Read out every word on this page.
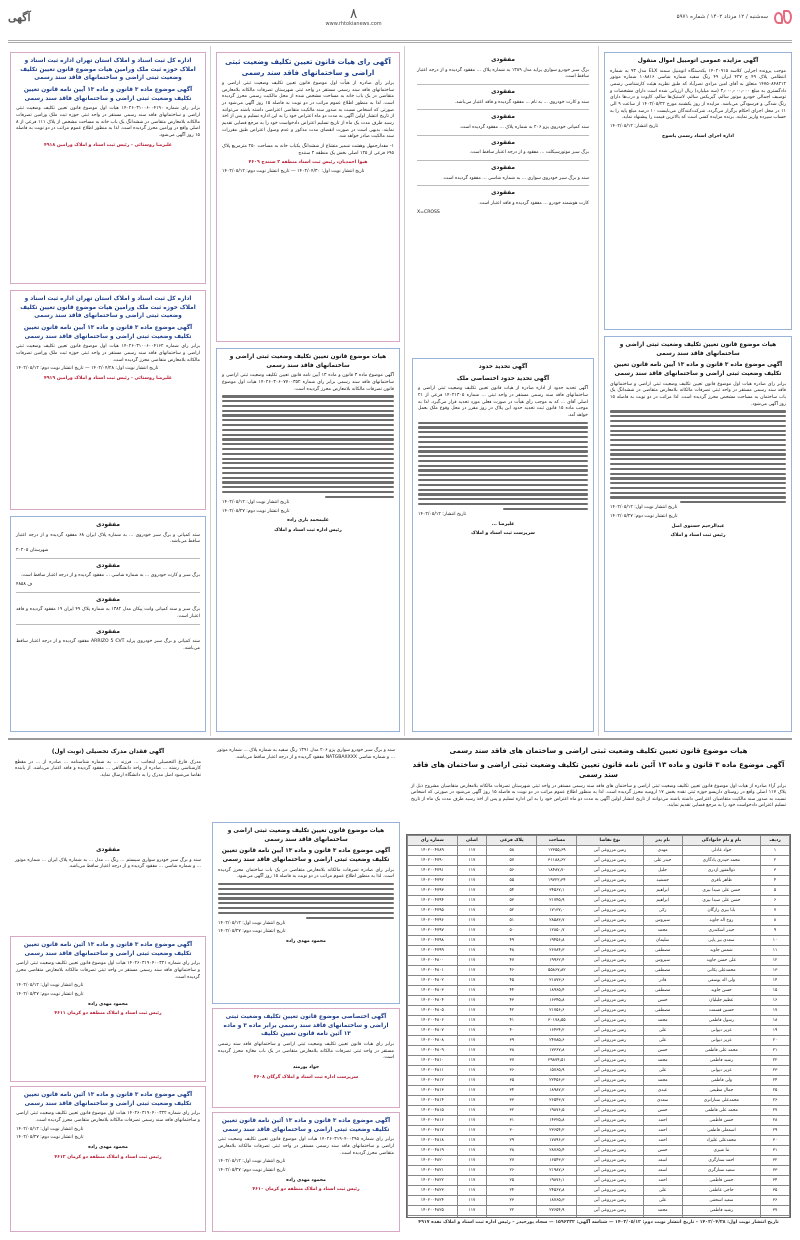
سه‌شنبه / ۱۲ مرداد ۱۴۰۲ / شماره ۵۹۷۱
٨
www.rhtokianews.com
آگهی
آگهی مزایده عمومی اتومبیل اموال منقول
موجب پرونده اجرایی کلاسه ۱۴۰۲۰۹۱۵ یکدستگاه اتومبیل سمند ELX مدل ۹۳ به شماره انتظامی پلاک ۴۹ ج ۴۲۷ ایران ۴۹ رنگ سفید شماره شاسی ۱۰۸۸۱۶ شماره موتور ۱۴۷۵۰۸۴۸۲۱۲ متعلق به آقای امین مرادی نصرآباد که طبق نظریه هیئت کارشناسی رسمی دادگستری به مبلغ ۳٫۰۰۰٫۰۰۰٫۰۰۰ (سه میلیارد) ریال ارزیابی شده است دارای مشخصات و توصیف اجمالی خودرو موتور سالم، گیربکس سالم، لاستیک‌ها سالم، کاپوت و درب‌ها دارای رنگ شدگی و فرسودگی می‌باشد. مزایده از روز یکشنبه مورخ ۱۴۰۲/۰۵/۲۲ از ساعت ۹ الی ۱۱ در محل اجرای احکام برگزار می‌گردد. شرکت‌کنندگان می‌بایست ۱۰ درصد مبلغ پایه را به حساب سپرده واریز نمایند. برنده مزایده کسی است که بالاترین قیمت را پیشنهاد نماید.
تاریخ انتشار: ۱۴۰۲/۰۵/۱۲
اداره اجرای اسناد رسمی یاسوج
هیات موضوع قانون تعیین تکلیف وضعیت ثبتی اراضی و ساختمانهای فاقد سند رسمی
آگهی موضوع ماده ۳ قانون و ماده ۱۳ آیین نامه قانون تعیین تکلیف وضعیت ثبتی اراضی و ساختمانهای فاقد سند رسمی
برابر رای صادره هیات اول موضوع قانون تعیین تکلیف وضعیت ثبتی اراضی و ساختمانهای فاقد سند رسمی مستقر در واحد ثبتی تصرفات مالکانه بلامعارض متقاضی در ششدانگ یک باب ساختمان به مساحت مشخص محرز گردیده است. لذا مراتب در دو نوبت به فاصله ۱۵ روز آگهی می‌شود.
تاریخ انتشار نوبت اول: ۱۴۰۲/۰۵/۱۲
تاریخ انتشار نوبت دوم: ۱۴۰۲/۰۵/۲۷
عبدالرحیم حسنوی اصل
رئیس ثبت اسناد و املاک
مفقودی
برگ سبز خودرو سواری پراید مدل ۱۳۸۹ به شماره پلاک ... مفقود گردیده و از درجه اعتبار ساقط است.
مفقودی
سند و کارت خودروی ... به نام ... مفقود گردیده و فاقد اعتبار می‌باشد.
مفقودی
سند کمپانی خودروی پژو ۲۰۶ به شماره پلاک ... مفقود گردیده است.
مفقودی
برگ سبز موتورسیکلت ... مفقود و از درجه اعتبار ساقط است.
مفقودی
سند و برگ سبز خودروی سواری ... به شماره شاسی ... مفقود گردیده است.
مفقودی
کارت هوشمند خودرو ... مفقود گردیده و فاقد اعتبار است.
X=CROSS
آگهی تحدید حدود
آگهی تحدید حدود اختصاصی ملک
آگهی تحدید حدود از اداره صادره از هیات قانون تعیین تکلیف وضعیت ثبتی اراضی و ساختمانهای فاقد سند رسمی مستقر در واحد ثبتی ... شماره ۱۴۰۲۱۳۰۵ فرعی از ۲۱ اصلی آقای ... که به موجب رأی هیأت در صورت فعلی مورد تحدید قرار می‌گیرد. لذا به موجب ماده ۱۵ قانون ثبت تحدید حدود این پلاک در روز مقرر در محل وقوع ملک بعمل خواهد آمد.
تاریخ انتشار: ۱۴۰۲/۰۵/۱۲
علیرضا ...
سرپرست ثبت اسناد و املاک
آگهی رای هیات قانون تعیین تکلیف وضعیت ثبتی اراضی و ساختمانهای فاقد سند رسمی
برابر رأی صادره از هیأت اول موضوع قانون تعیین تکلیف وضعیت ثبتی اراضی و ساختمانهای فاقد سند رسمی مستقر در واحد ثبتی شهرستان تصرفات مالکانه بلامعارض متقاضی در یک باب خانه به مساحت مشخص شده از محل مالکیت رسمی محرز گردیده است. لذا به منظور اطلاع عموم مراتب در دو نوبت به فاصله ۱۵ روز آگهی می‌شود در صورتی که اشخاص نسبت به صدور سند مالکیت متقاضی اعتراضی داشته باشند می‌توانند از تاریخ انتشار اولین آگهی به مدت دو ماه اعتراض خود را به این اداره تسلیم و پس از اخذ رسید ظرف مدت یک ماه از تاریخ تسلیم اعتراض دادخواست خود را به مرجع قضایی تقدیم نمایند. بدیهی است در صورت انقضای مدت مذکور و عدم وصول اعتراض طبق مقررات سند مالکیت صادر خواهد شد.
۱- مفدارجمهل وهشت شمیر متشاع از ششدانگ یکباب خانه به مساحت ۲۵۰ مترمربع پلاک ۶۹۵ فرعی از ۱۲۵ اصلی بخش یک منطقه ۲ سنندج
هیوا احمدیان، رئیس ثبت اسناد منطقه ۲ سنندج ۴۶۰۹
تاریخ انتشار نوبت اول: ۱۴۰۲/۰۴/۳۰ — تاریخ انتشار نوبت دوم: ۱۴۰۲/۰۵/۱۲
هیات موضوع قانون تعیین تکلیف وضعیت ثبتی اراضی و ساختمانهای فاقد سند رسمی
آگهی موضوع ماده ۳ قانون و ماده ۱۳ آیین نامه قانون تعیین تکلیف وضعیت ثبتی اراضی و ساختمانهای فاقد سند رسمی برابر رای شماره ۱۴۰۲۶۰۳۰۶۰۷۷۰۰۳۵۲ هیات اول موضوع قانون تصرفات مالکانه بلامعارض محرز گردیده است.
تاریخ انتشار نوبت اول: ۱۴۰۲/۰۵/۱۲
تاریخ انتشار نوبت دوم: ۱۴۰۲/۰۵/۲۷
علیمحمد باری زاده
رئیس اداره ثبت اسناد و املاک
اداره کل ثبت اسناد و املاک استان تهران اداره ثبت اسناد و املاک حوزه ثبت ملک ورامین هیات موضوع قانون تعیین تکلیف وضعیت ثبتی اراضی و ساختمانهای فاقد سند رسمی
آگهی موضوع ماده ۳ قانون و ماده ۱۳ آیین نامه قانون تعیین تکلیف وضعیت ثبتی اراضی و ساختمانهای فاقد سند رسمی
برابر رای شماره ۱۴۰۲۶۰۳۱۰۰۶۰۰۴۱۹۰ هیات اول موضوع قانون تعیین تکلیف وضعیت ثبتی اراضی و ساختمانهای فاقد سند رسمی مستقر در واحد ثبتی حوزه ثبت ملک ورامین تصرفات مالکانه بلامعارض متقاضی در ششدانگ یک باب خانه به مساحت مشخص از پلاک ۱۱۱ فرعی از ۸ اصلی واقع در ورامین محرز گردیده است. لذا به منظور اطلاع عموم مراتب در دو نوبت به فاصله ۱۵ روز آگهی می‌شود.
علیرضا روستائی - رئیس ثبت اسناد و املاک ورامین ۴۹۱۸
اداره کل ثبت اسناد و املاک استان تهران اداره ثبت اسناد و املاک حوزه ثبت ملک ورامین هیات موضوع قانون تعیین تکلیف وضعیت ثبتی اراضی و ساختمانهای فاقد سند رسمی
آگهی موضوع ماده ۳ قانون و ماده ۱۳ آیین نامه قانون تعیین تکلیف وضعیت ثبتی اراضی و ساختمانهای فاقد سند رسمی
برابر رای شماره ۱۴۰۲۶۰۳۱۰۰۶۰۰۴۱۶۲ هیات اول موضوع قانون تعیین تکلیف وضعیت ثبتی اراضی و ساختمانهای فاقد سند رسمی مستقر در واحد ثبتی حوزه ثبت ملک ورامین تصرفات مالکانه بلامعارض متقاضی محرز گردیده است.
تاریخ انتشار نوبت اول: ۱۴۰۲/۰۴/۲۸ — تاریخ انتشار نوبت دوم: ۱۴۰۲/۰۵/۱۲
علیرضا روستائی - رئیس ثبت اسناد و املاک ورامین ۴۹۱۹
مفقودی
سند کمپانی و برگ سبز خودروی ... به شماره پلاک ایران ۶۸ مفقود گردیده و از درجه اعتبار ساقط می‌باشد.
شهرستان ۲۰۲۰۵
مفقودی
برگ سبز و کارت خودروی ... به شماره شاسی ... مفقود گردیده و از درجه اعتبار ساقط است.
ف ۴۸۵۸
مفقودی
برگ سبز و سند کمپانی وانت پیکان مدل ۱۳۸۲ به شماره پلاک ۴۹ ایران ۱۹ مفقود گردیده و فاقد اعتبار است.
مفقودی
سند کمپانی و برگ سبز خودروی پراید ARRIZO 5 CVT مفقود گردیده و از درجه اعتبار ساقط می‌باشد.
هیات موضوع قانون تعیین تکلیف وضعیت ثبتی اراضی و ساختمان های فاقد سند رسمی
آگهی موضوع ماده ۳ قانون و ماده ۱۳ آئین نامه قانون تعیین تکلیف وضعیت ثبتی اراضی و ساختمان های فاقد سند رسمی
برابر آراء صادره از هیات اول موضوع قانون تعیین تکلیف وضعیت ثبتی اراضی و ساختمان های فاقد سند رسمی مستقر در واحد ثبتی شهرستان تصرفات مالکانه بلامعارض متقاضیان مشروح ذیل از پلاک ۱۱۷ اصلی واقع در روستای داریسو حوزه ثبتی نقده بخش ۱۷ ارومیه محرز گردیده است. لذا به منظور اطلاع عموم مراتب در دو نوبت به فاصله ۱۵ روز آگهی می‌شود در صورتی که اشخاص نسبت به صدور سند مالکیت متقاضیان اعتراضی داشته باشند می‌توانند از تاریخ انتشار اولین آگهی به مدت دو ماه اعتراض خود را به این اداره تسلیم و پس از اخذ رسید ظرف مدت یک ماه از تاریخ تسلیم اعتراض دادخواست خود را به مرجع قضایی تقدیم نمایند.
ردیف	نام و نام خانوادگی	نام پدر	نوع تقاضا	مساحت	پلاک فرعی	اصلی	شماره رای
۱	جواد عادلی	مهدی	زمین مزروعی آبی	۱۲۳۵۵٫۶۹	۵۸	۱۱۷	۱۴۰۲۰۰۴۷۸۹
۲	محمد حیدری یادگاری	حیدر علی	زمین مزروعی آبی	۳۱۱۸۸٫۶۲	۵۷	۱۱۷	۱۴۰۲۰۰۴۷۹۰
۳	ذوالفقور اژدری	جلیل	زمین مزروعی آبی	۱۸۴۸۷٫۷۰	۵۶	۱۱۷	۱۴۰۲۰۰۴۷۹۱
۴	ظاهر باقری	جمشید	زمین مزروعی آبی	۱۹۷۲۲٫۳۴	۵۵	۱۱۷	۱۴۰۲۰۰۴۷۹۲
۵	حسن علی صیدا بیری	ابراهیم	زمین مزروعی آبی	۳۴۵۶۷٫۱	۵۴	۱۱۷	۱۴۰۲۰۰۴۷۹۳
۶	حسن علی صیدا بیری	ابراهیم	زمین مزروعی آبی	۲۱۷۴۵٫۹	۵۳	۱۱۷	۱۴۰۲۰۰۴۷۹۴
۷	بابا بیری زارگان	زکی	زمین مزروعی آبی	۱۷۱۳۷٫۰	۵۲	۱۱۷	۱۴۰۲۰۰۴۷۹۵
۸	روح اله جاوید	سیروس	زمین مزروعی آبی	۲۸۵۸۳٫۷	۵۱	۱۱۷	۱۴۰۲۰۰۴۷۹۶
۹	حیدر اسکندری	محمد	زمین مزروعی آبی	۱۲۸۵۰٫۷	۵۰	۱۱۷	۱۴۰۲۰۰۴۷۹۷
۱۰	سعدی بیر پاپی	سلیمان	زمین مزروعی آبی	۱۹۴۵۶٫۸	۴۹	۱۱۷	۱۴۰۲۰۰۴۷۹۸
۱۱	شمس جاوید	مصطفی	زمین مزروعی آبی	۲۶۷۸۴٫۳	۴۸	۱۱۷	۱۴۰۲۰۰۴۷۹۹
۱۲	علی حسن جاوید	سیروس	زمین مزروعی آبی	۱۹۹۶۲٫۴	۴۷	۱۱۷	۱۴۰۲۰۰۴۸۰۰
۱۳	محمدعلی یکانی	مصطفی	زمین مزروعی آبی	۵۵۸۶۷٫۸۲	۴۶	۱۱۷	۱۴۰۲۰۰۴۸۰۱
۱۴	ولی اله یوسفی	قادر	زمین مزروعی آبی	۲۱۸۷۳٫۶	۴۵	۱۱۷	۱۴۰۲۰۰۴۸۰۲
۱۵	حسن جاوید	مصطفی	زمین مزروعی آبی	۱۸۹۶۵٫۴	۴۴	۱۱۷	۱۴۰۲۰۰۴۸۰۳
۱۶	عظیم جلیلیان	حسن	زمین مزروعی آبی	۱۶۳۴۵٫۸	۴۳	۱۱۷	۱۴۰۲۰۰۴۸۰۴
۱۷	حسین قسمت	مصطفی	زمین مزروعی آبی	۲۱۷۵۶٫۶	۴۲	۱۱۷	۱۴۰۲۰۰۴۸۰۵
۱۸	رسول فاطمی	محمد	زمین مزروعی آبی	۳۰۱۷۸٫۵۵	۴۱	۱۱۷	۱۴۰۲۰۰۴۸۰۶
۱۹	عزیز دیوانی	علی	زمین مزروعی آبی	۱۶۴۳۴٫۲	۴۰	۱۱۷	۱۴۰۲۰۰۴۸۰۷
۲۰	عزیز دیوانی	علی	زمین مزروعی آبی	۲۴۷۸۵٫۶	۳۹	۱۱۷	۱۴۰۲۰۰۴۸۰۸
۲۱	محمد علی فاطمی	حسن	زمین مزروعی آبی	۱۷۳۶۷٫۸	۳۸	۱۱۷	۱۴۰۲۰۰۴۸۰۹
۲۲	رشید فاطمی	محمد	زمین مزروعی آبی	۲۹۸۷۴٫۵۱	۳۷	۱۱۷	۱۴۰۲۰۰۴۸۱۰
۲۳	عزیز دیوانی	علی	زمین مزروعی آبی	۱۵۷۶۵٫۹	۳۶	۱۱۷	۱۴۰۲۰۰۴۸۱۱
۲۴	ولی فاطمی	محمد	زمین مزروعی آبی	۲۲۴۵۶٫۳	۳۵	۱۱۷	۱۴۰۲۰۰۴۸۱۲
۲۵	جمال مطیعی	عبدی	زمین مزروعی آبی	۱۸۹۸۷٫۲	۳۴	۱۱۷	۱۴۰۲۰۰۴۸۱۳
۲۶	محمدعلی ستاراتری	سعدی	زمین مزروعی آبی	۲۶۵۴۳٫۷	۳۳	۱۱۷	۱۴۰۲۰۰۴۸۱۴
۲۷	محمد علی فاطمی	حسن	زمین مزروعی آبی	۱۹۸۷۶٫۵	۳۲	۱۱۷	۱۴۰۲۰۰۴۸۱۵
۲۸	حسن فاطمی	احمد	زمین مزروعی آبی	۱۴۳۲۵٫۸	۳۱	۱۱۷	۱۴۰۲۰۰۴۸۱۶
۲۹	اسمعلی فاطمی	احمد	زمین مزروعی آبی	۲۳۶۵۴٫۲	۳۰	۱۱۷	۱۴۰۲۰۰۴۸۱۷
۳۰	محمدعلی علیزاد	احمد	زمین مزروعی آبی	۱۷۸۹۶٫۳	۲۹	۱۱۷	۱۴۰۲۰۰۴۸۱۸
۳۱	ثنا شیری	حسن	زمین مزروعی آبی	۲۸۷۶۵٫۴	۲۸	۱۱۷	۱۴۰۲۰۰۴۸۱۹
۳۲	احمد ستارگری	اسعد	زمین مزروعی آبی	۱۶۵۴۳٫۲	۲۷	۱۱۷	۱۴۰۲۰۰۴۸۲۰
۳۳	سعید ستارگری	اسعد	زمین مزروعی آبی	۲۱۹۸۷٫۶	۲۶	۱۱۷	۱۴۰۲۰۰۴۸۲۱
۳۴	حسن فاطمی	احمد	زمین مزروعی آبی	۱۹۸۷۶٫۱	۲۵	۱۱۷	۱۴۰۲۰۰۴۸۲۲
۳۵	حاجی عاطفی	علی	زمین مزروعی آبی	۲۴۵۶۷٫۸	۲۴	۱۱۷	۱۴۰۲۰۰۴۸۲۳
۳۶	سعید اسحقی	علی	زمین مزروعی آبی	۱۸۷۶۵٫۳	۲۳	۱۱۷	۱۴۰۲۰۰۴۸۲۴
۳۷	رشید فاطمی	محمد	زمین مزروعی آبی	۲۷۶۵۴٫۹	۲۲	۱۱۷	۱۴۰۲۰۰۴۸۲۵

تاریخ انتشار نوبت اول: ۱۴۰۲/۰۴/۲۸ – تاریخ انتشار نوبت دوم: ۱۴۰۲/۰۵/۱۲ — شناسه آگهی: ۱۵۹۶۲۳۲ — سجاد پورحیدر – رئیس اداره ثبت اسناد و املاک نقده ۴۹۱۷
سند و برگ سبز خودرو سواری پژو ۲۰۶ مدل ۱۳۹۱ رنگ سفید به شماره پلاک ... شماره موتور ... و شماره شاسی NATGBAXXXX مفقود گردیده و از درجه اعتبار ساقط می‌باشد.
هیات موضوع قانون تعیین تکلیف وضعیت ثبتی اراضی و ساختمانهای فاقد سند رسمی
آگهی موضوع ماده ۳ قانون و ماده ۱۳ آیین نامه قانون تعیین تکلیف وضعیت ثبتی اراضی و ساختمانهای فاقد سند رسمی
برابر رای صادره تصرفات مالکانه بلامعارض متقاضی در یک باب ساختمان محرز گردیده است. لذا به منظور اطلاع عموم مراتب در دو نوبت به فاصله ۱۵ روز آگهی می‌شود.
تاریخ انتشار نوبت اول: ۱۴۰۲/۰۵/۱۲
تاریخ انتشار نوبت دوم: ۱۴۰۲/۰۵/۲۷
محمود مهدی زاده
آگهی اختصاصی موضوع قانون تعیین تکلیف وضعیت ثبتی اراضی و ساختمانهای فاقد سند رسمی برابر ماده ۳ و ماده ۱۳ آئین نامه قانون تعیین تکلیف
برابر رای هیات قانون تعیین تکلیف وضعیت ثبتی اراضی و ساختمانهای فاقد سند رسمی مستقر در واحد ثبتی تصرفات مالکانه بلامعارض متقاضی در یک باب مغازه محرز گردیده است.
جواد پورمند
سرپرست اداره ثبت اسناد و املاک گرگان ۴۶۰۸
آگهی موضوع ماده ۳ قانون و ماده ۱۳ آئین نامه قانون تعیین تکلیف وضعیت ثبتی اراضی و ساختمانهای فاقد سند رسمی
برابر رای شماره ۱۴۰۲۶۰۳۱۹۰۴۰۰۲۹۵ هیات اول موضوع قانون تعیین تکلیف وضعیت ثبتی اراضی و ساختمانهای فاقد سند رسمی مستقر در واحد ثبتی تصرفات مالکانه بلامعارض متقاضی محرز گردیده است.
تاریخ انتشار نوبت اول: ۱۴۰۲/۰۵/۱۲
تاریخ انتشار نوبت دوم: ۱۴۰۲/۰۵/۲۷
محمود مهدی زاده
رئیس ثبت اسناد و املاک منطقه دو کرمان ۴۶۱۰
آگهی فقدان مدرک تحصیلی (نوبت اول)
مدرک فارغ التحصیلی اینجانب ... فرزند ... به شماره شناسنامه ... صادره از ... در مقطع کارشناسی رشته ... صادره از واحد دانشگاهی ... مفقود گردیده و فاقد اعتبار می‌باشد. از یابنده تقاضا می‌شود اصل مدرک را به دانشگاه ارسال نماید.
مفقودی
سند و برگ سبز خودرو سواری سیستم ... رنگ ... مدل ... به شماره پلاک ایران ... شماره موتور ... و شماره شاسی ... مفقود گردیده و از درجه اعتبار ساقط می‌باشد.
آگهی موضوع ماده ۳ قانون و ماده ۱۳ آئین نامه قانون تعیین تکلیف وضعیت ثبتی اراضی و ساختمانهای فاقد سند رسمی
برابر رای شماره ۱۴۰۲۶۰۳۱۹۰۴۰۰۳۲۱ هیات اول موضوع قانون تعیین تکلیف وضعیت ثبتی اراضی و ساختمانهای فاقد سند رسمی مستقر در واحد ثبتی تصرفات مالکانه بلامعارض متقاضی محرز گردیده است.
تاریخ انتشار نوبت اول: ۱۴۰۲/۰۵/۱۲
تاریخ انتشار نوبت دوم: ۱۴۰۲/۰۵/۲۷
محمود مهدی زاده
رئیس ثبت اسناد و املاک منطقه دو کرمان ۴۶۱۱
آگهی موضوع ماده ۳ قانون و ماده ۱۳ آئین نامه قانون تعیین تکلیف وضعیت ثبتی اراضی و ساختمانهای فاقد سند رسمی
برابر رای شماره ۱۴۰۲۶۰۳۱۹۰۴۰۰۳۲۲ هیات اول موضوع قانون تعیین تکلیف وضعیت ثبتی اراضی و ساختمانهای فاقد سند رسمی تصرفات مالکانه بلامعارض متقاضی محرز گردیده است.
تاریخ انتشار نوبت اول: ۱۴۰۲/۰۵/۱۲
تاریخ انتشار نوبت دوم: ۱۴۰۲/۰۵/۲۷
محمود مهدی زاده
رئیس ثبت اسناد و املاک منطقه دو کرمان ۴۶۱۲
